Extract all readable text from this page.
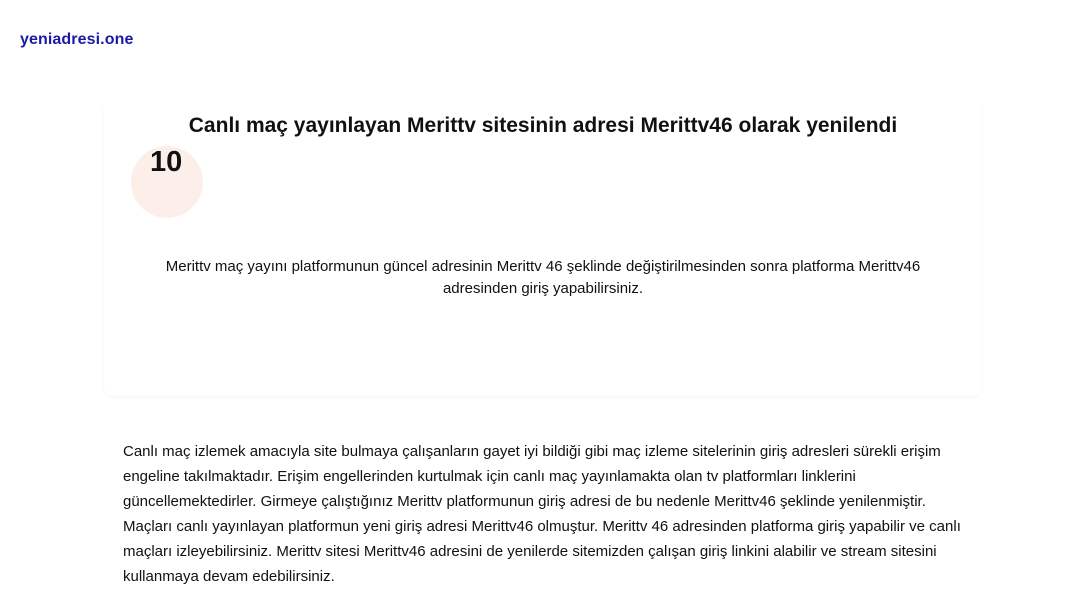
yeniadresi.one
Canlı maç yayınlayan Merittv sitesinin adresi Merittv46 olarak yenilendi
10

Merittv maç yayını platformunun güncel adresinin Merittv 46 şeklinde değiştirilmesinden sonra platforma Merittv46 adresinden giriş yapabilirsiniz.

Canlı maç izlemek amacıyla site bulmaya çalışanların gayet iyi bildiği gibi maç izleme sitelerinin giriş adresleri sürekli erişim engeline takılmaktadır. Erişim engellerinden kurtulmak için canlı maç yayınlamakta olan tv platformları linklerini güncellemektedirler. Girmeye çalıştığınız Merittv platformunun giriş adresi de bu nedenle Merittv46 şeklinde yenilenmiştir. Maçları canlı yayınlayan platformun yeni giriş adresi Merittv46 olmuştur. Merittv 46 adresinden platforma giriş yapabilir ve canlı maçları izleyebilirsiniz. Merittv sitesi Merittv46 adresini de yenilerde sitemizden çalışan giriş linkini alabilir ve stream sitesini kullanmaya devam edebilirsiniz.
